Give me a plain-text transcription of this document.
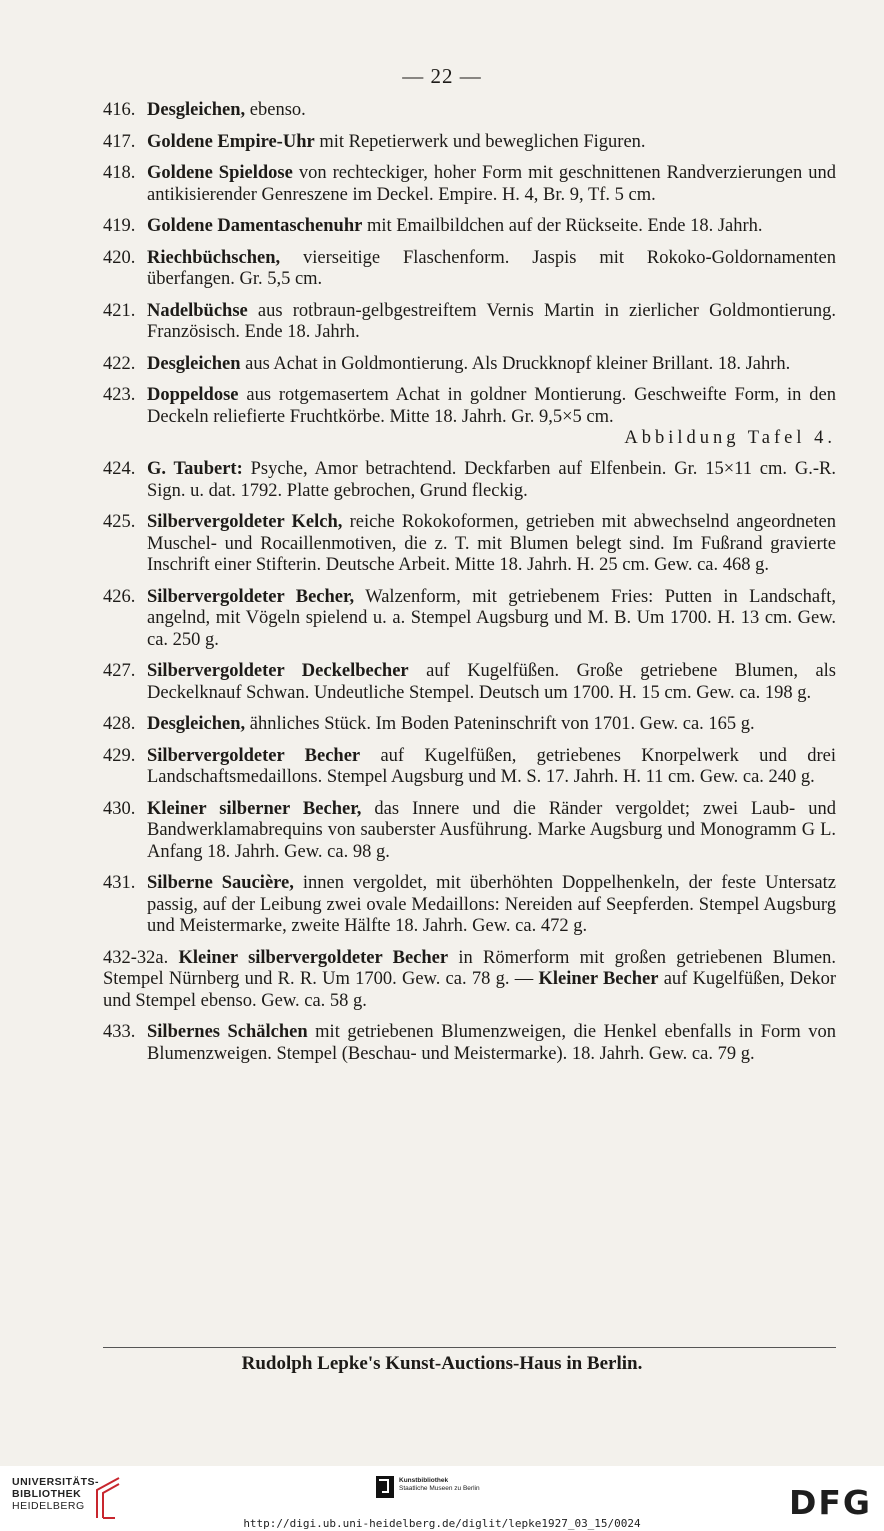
— 22 —
416. Desgleichen, ebenso.
417. Goldene Empire-Uhr mit Repetierwerk und beweglichen Figuren.
418. Goldene Spieldose von rechteckiger, hoher Form mit geschnittenen Randverzierungen und antikisierender Genreszene im Deckel. Empire. H. 4, Br. 9, Tf. 5 cm.
419. Goldene Damentaschenuhr mit Emailbildchen auf der Rückseite. Ende 18. Jahrh.
420. Riechbüchschen, vierseitige Flaschenform. Jaspis mit Rokoko-Goldornamenten überfangen. Gr. 5,5 cm.
421. Nadelbüchse aus rotbraun-gelbgestreiftem Vernis Martin in zierlicher Goldmontierung. Französisch. Ende 18. Jahrh.
422. Desgleichen aus Achat in Goldmontierung. Als Druckknopf kleiner Brillant. 18. Jahrh.
423. Doppeldose aus rotgemasertem Achat in goldner Montierung. Geschweifte Form, in den Deckeln reliefierte Fruchtkörbe. Mitte 18. Jahrh. Gr. 9,5×5 cm.
Abbildung Tafel 4.
424. G. Taubert: Psyche, Amor betrachtend. Deckfarben auf Elfenbein. Gr. 15×11 cm. G.-R. Sign. u. dat. 1792. Platte gebrochen, Grund fleckig.
425. Silbervergoldeter Kelch, reiche Rokokoformen, getrieben mit abwechselnd angeordneten Muschel- und Rocaillenmotiven, die z. T. mit Blumen belegt sind. Im Fußrand gravierte Inschrift einer Stifterin. Deutsche Arbeit. Mitte 18. Jahrh. H. 25 cm. Gew. ca. 468 g.
426. Silbervergoldeter Becher, Walzenform, mit getriebenem Fries: Putten in Landschaft, angelnd, mit Vögeln spielend u. a. Stempel Augsburg und M. B. Um 1700. H. 13 cm. Gew. ca. 250 g.
427. Silbervergoldeter Deckelbecher auf Kugelfüßen. Große getriebene Blumen, als Deckelknauf Schwan. Undeutliche Stempel. Deutsch um 1700. H. 15 cm. Gew. ca. 198 g.
428. Desgleichen, ähnliches Stück. Im Boden Pateninschrift von 1701. Gew. ca. 165 g.
429. Silbervergoldeter Becher auf Kugelfüßen, getriebenes Knorpelwerk und drei Landschaftsmedaillons. Stempel Augsburg und M. S. 17. Jahrh. H. 11 cm. Gew. ca. 240 g.
430. Kleiner silberner Becher, das Innere und die Ränder vergoldet; zwei Laub- und Bandwerklamabrequins von sauberster Ausführung. Marke Augsburg und Monogramm G L. Anfang 18. Jahrh. Gew. ca. 98 g.
431. Silberne Saucière, innen vergoldet, mit überhöhten Doppelhenkeln, der feste Untersatz passig, auf der Leibung zwei ovale Medaillons: Nereiden auf Seepferden. Stempel Augsburg und Meistermarke, zweite Hälfte 18. Jahrh. Gew. ca. 472 g.
432-32a. Kleiner silbervergoldeter Becher in Römerform mit großen getriebenen Blumen. Stempel Nürnberg und R. R. Um 1700. Gew. ca. 78 g. — Kleiner Becher auf Kugelfüßen, Dekor und Stempel ebenso. Gew. ca. 58 g.
433. Silbernes Schälchen mit getriebenen Blumenzweigen, die Henkel ebenfalls in Form von Blumenzweigen. Stempel (Beschau- und Meistermarke). 18. Jahrh. Gew. ca. 79 g.
Rudolph Lepke's Kunst-Auctions-Haus in Berlin.
UNIVERSITÄTS-
BIBLIOTHEK
HEIDELBERG
Kunstbibliothek
Staatliche Museen zu Berlin	DFG
http://digi.ub.uni-heidelberg.de/diglit/lepke1927_03_15/0024
